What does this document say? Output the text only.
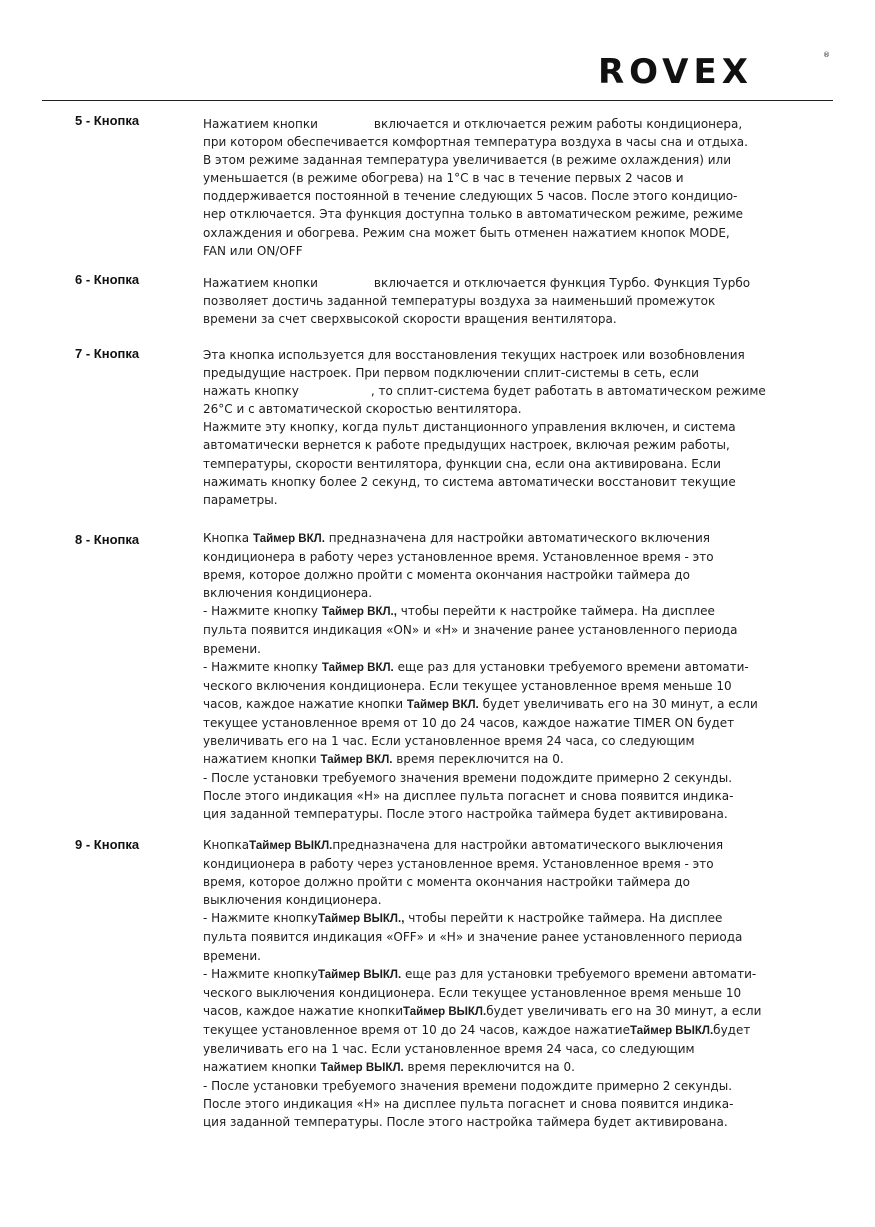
ROVEX	®
5 - Кнопка	Нажатием кнопки	включается и отключается режим работы кондиционера,

при котором обеспечивается комфортная температура воздуха в часы сна и отдыха.

В этом режиме заданная температура увеличивается (в режиме охлаждения) или

уменьшается (в режиме обогрева) на 1°С в час в течение первых 2 часов и

поддерживается постоянной в течение следующих 5 часов. После этого кондицио-

нер отключается. Эта функция доступна только в автоматическом режиме, режиме

охлаждения и обогрева. Режим сна может быть отменен нажатием кнопок MODE,

FAN или ON/OFF

6 - Кнопка	Нажатием кнопки	включается и отключается функция Турбо. Функция Турбо

позволяет достичь заданной температуры воздуха за наименьший промежуток

времени за счет сверхвысокой скорости вращения вентилятора.

7 - Кнопка	Эта кнопка используется для восстановления текущих настроек или возобновления

предыдущие настроек. При первом подключении сплит-системы в сеть, если

нажать кнопку	, то сплит-система будет работать в автоматическом режиме

26°С и с автоматической скоростью вентилятора.

Нажмите эту кнопку, когда пульт дистанционного управления включен, и система

автоматически вернется к работе предыдущих настроек, включая режим работы,

температуры, скорости вентилятора, функции сна, если она активирована. Если

нажимать кнопку более 2 секунд, то система автоматически восстановит текущие

параметры.

8 - Кнопка	Кнопка Таймер ВКЛ. предназначена для настройки автоматического включения

кондиционера в работу через установленное время. Установленное время - это

время, которое должно пройти с момента окончания настройки таймера до

включения кондиционера.

- Нажмите кнопку Таймер ВКЛ., чтобы перейти к настройке таймера. На дисплее

пульта появится индикация «ON» и «H» и значение ранее установленного периода

времени.

- Нажмите кнопку Таймер ВКЛ. еще раз для установки требуемого времени автомати-

ческого включения кондиционера. Если текущее установленное время меньше 10

часов, каждое нажатие кнопки Таймер ВКЛ. будет увеличивать его на 30 минут, а если

текущее установленное время от 10 до 24 часов, каждое нажатие TIMER ON будет

увеличивать его на 1 час. Если установленное время 24 часа, со следующим

нажатием кнопки Таймер ВКЛ. время переключится на 0.

- После установки требуемого значения времени подождите примерно 2 секунды.

После этого индикация «H» на дисплее пульта погаснет и снова появится индика-

ция заданной температуры. После этого настройка таймера будет активирована.

9 - Кнопка	КнопкаТаймер ВЫКЛ.предназначена для настройки автоматического выключения

кондиционера в работу через установленное время. Установленное время - это

время, которое должно пройти с момента окончания настройки таймера до

выключения кондиционера.

- Нажмите кнопкуТаймер ВЫКЛ., чтобы перейти к настройке таймера. На дисплее

пульта появится индикация «OFF» и «H» и значение ранее установленного периода

времени.

- Нажмите кнопкуТаймер ВЫКЛ. еще раз для установки требуемого времени автомати-

ческого выключения кондиционера. Если текущее установленное время меньше 10

часов, каждое нажатие кнопкиТаймер ВЫКЛ.будет увеличивать его на 30 минут, а если

текущее установленное время от 10 до 24 часов, каждое нажатиеТаймер ВЫКЛ.будет

увеличивать его на 1 час. Если установленное время 24 часа, со следующим

нажатием кнопки Таймер ВЫКЛ. время переключится на 0.

- После установки требуемого значения времени подождите примерно 2 секунды.

После этого индикация «H» на дисплее пульта погаснет и снова появится индика-

ция заданной температуры. После этого настройка таймера будет активирована.
